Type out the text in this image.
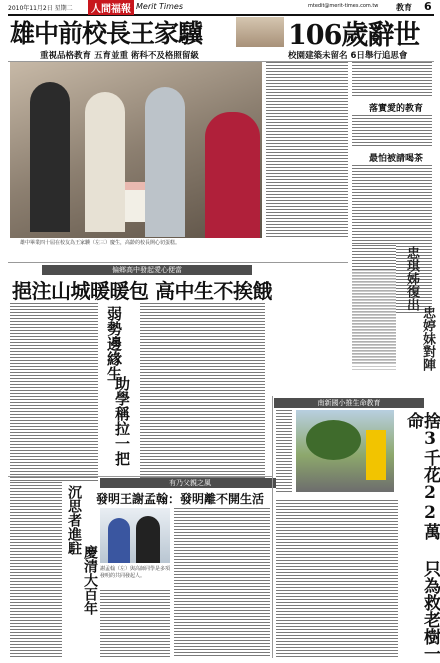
2010年11月2日 星期二	人間福報 Merit Times	mtedit@merit-times.com.tw 教育 6
雄中前校長王家驥	106歲辭世
重視品格教育 五育並重 術科不及格照留級	校園建築未留名 6日舉行追思會
雄中畢業四十屆在校友為王家驥（左三）慶生，高齡的校長開心切蛋糕。
落實愛的教育
最怕被請喝茶
偏鄉高中發起愛心便當
挹注山城暖暖包 高中生不挨餓
弱勢邊緣生
助學稱拉一把
忠琪姊復出
忠婷妹對陣
有乃父親之風
發明王謝孟翰：發明離不開生活
謝孟翰（左）與高師同學是多項發明的共同發起人。
沉思者進駐
慶清大百年
南新國小推生命教育
捨3千花22萬 只為救老樹一命
